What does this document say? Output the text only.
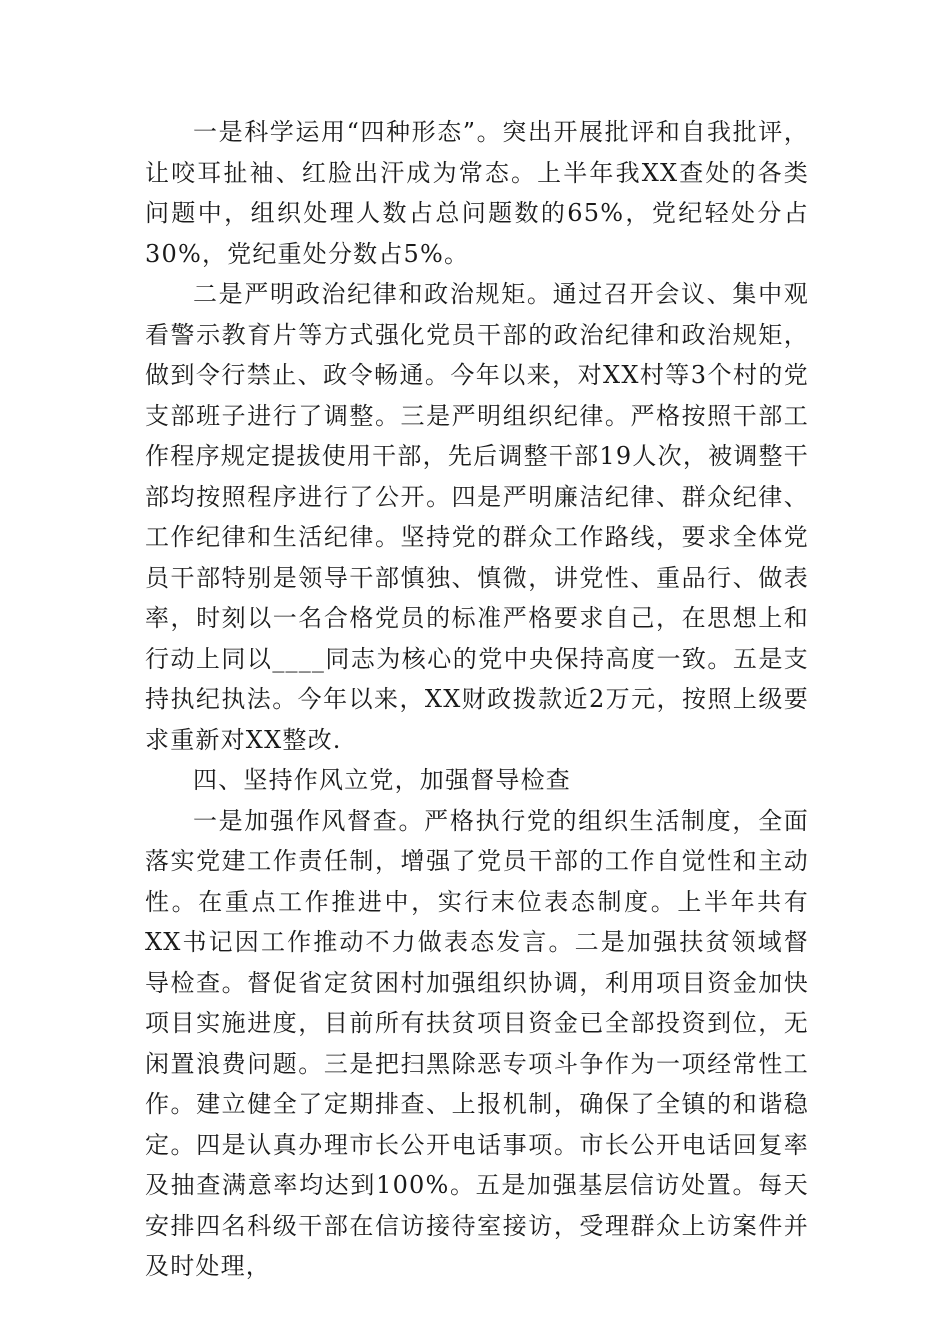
一是科学运用“四种形态”。突出开展批评和自我批评，让咬耳扯袖、红脸出汗成为常态。上半年我XX查处的各类问题中，组织处理人数占总问题数的65%，党纪轻处分占30%，党纪重处分数占5%。

二是严明政治纪律和政治规矩。通过召开会议、集中观看警示教育片等方式强化党员干部的政治纪律和政治规矩，做到令行禁止、政令畅通。今年以来，对XX村等3个村的党支部班子进行了调整。三是严明组织纪律。严格按照干部工作程序规定提拔使用干部，先后调整干部19人次，被调整干部均按照程序进行了公开。四是严明廉洁纪律、群众纪律、工作纪律和生活纪律。坚持党的群众工作路线，要求全体党员干部特别是领导干部慎独、慎微，讲党性、重品行、做表率，时刻以一名合格党员的标准严格要求自己，在思想上和行动上同以____同志为核心的党中央保持高度一致。五是支持执纪执法。今年以来，XX财政拨款近2万元，按照上级要求重新对XX整改.

四、坚持作风立党，加强督导检查

一是加强作风督查。严格执行党的组织生活制度，全面落实党建工作责任制，增强了党员干部的工作自觉性和主动性。在重点工作推进中，实行末位表态制度。上半年共有XX书记因工作推动不力做表态发言。二是加强扶贫领域督导检查。督促省定贫困村加强组织协调，利用项目资金加快项目实施进度，目前所有扶贫项目资金已全部投资到位，无闲置浪费问题。三是把扫黑除恶专项斗争作为一项经常性工作。建立健全了定期排查、上报机制，确保了全镇的和谐稳定。四是认真办理市长公开电话事项。市长公开电话回复率及抽查满意率均达到100%。五是加强基层信访处置。每天安排四名科级干部在信访接待室接访，受理群众上访案件并及时处理，
